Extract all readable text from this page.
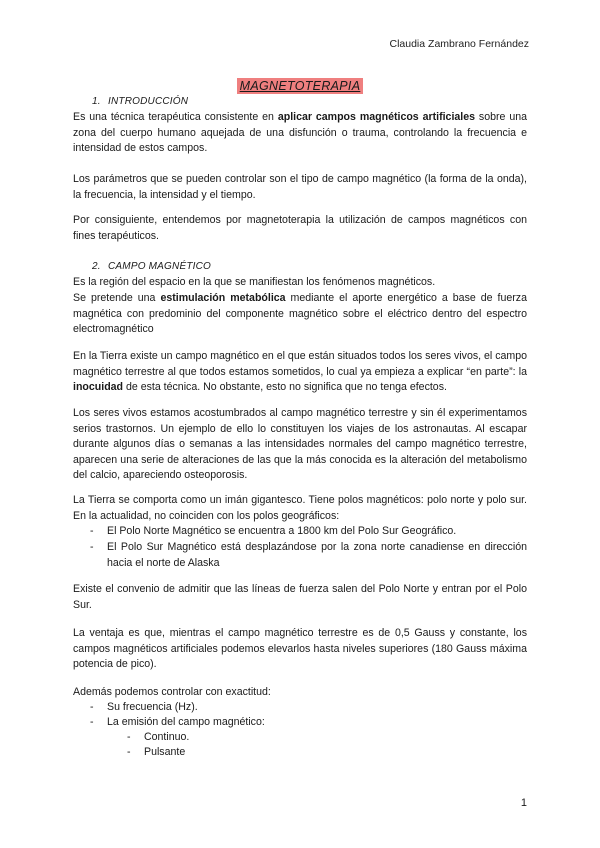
Claudia Zambrano Fernández
MAGNETOTERAPIA
1. INTRODUCCIÓN

Es una técnica terapéutica consistente en aplicar campos magnéticos artificiales sobre una zona del cuerpo humano aquejada de una disfunción o trauma, controlando la frecuencia e intensidad de estos campos.

Los parámetros que se pueden controlar son el tipo de campo magnético (la forma de la onda), la frecuencia, la intensidad y el tiempo.

Por consiguiente, entendemos por magnetoterapia la utilización de campos magnéticos con fines terapéuticos.

2. CAMPO MAGNÉTICO

Es la región del espacio en la que se manifiestan los fenómenos magnéticos.

Se pretende una estimulación metabólica mediante el aporte energético a base de fuerza magnética con predominio del componente magnético sobre el eléctrico dentro del espectro electromagnético

En la Tierra existe un campo magnético en el que están situados todos los seres vivos, el campo magnético terrestre al que todos estamos sometidos, lo cual ya empieza a explicar “en parte”: la inocuidad de esta técnica. No obstante, esto no significa que no tenga efectos.

Los seres vivos estamos acostumbrados al campo magnético terrestre y sin él experimentamos serios trastornos. Un ejemplo de ello lo constituyen los viajes de los astronautas. Al escapar durante algunos días o semanas a las intensidades normales del campo magnético terrestre, aparecen una serie de alteraciones de las que la más conocida es la alteración del metabolismo del calcio, apareciendo osteoporosis.

La Tierra se comporta como un imán gigantesco. Tiene polos magnéticos: polo norte y polo sur. En la actualidad, no coinciden con los polos geográficos:

- El Polo Norte Magnético se encuentra a 1800 km del Polo Sur Geográfico.
- El Polo Sur Magnético está desplazándose por la zona norte canadiense en dirección hacia el norte de Alaska

Existe el convenio de admitir que las líneas de fuerza salen del Polo Norte y entran por el Polo Sur.

La ventaja es que, mientras el campo magnético terrestre es de 0,5 Gauss y constante, los campos magnéticos artificiales podemos elevarlos hasta niveles superiores (180 Gauss máxima potencia de pico).

Además podemos controlar con exactitud:

- Su frecuencia (Hz).
- La emisión del campo magnético:
- Continuo.
- Pulsante
1
